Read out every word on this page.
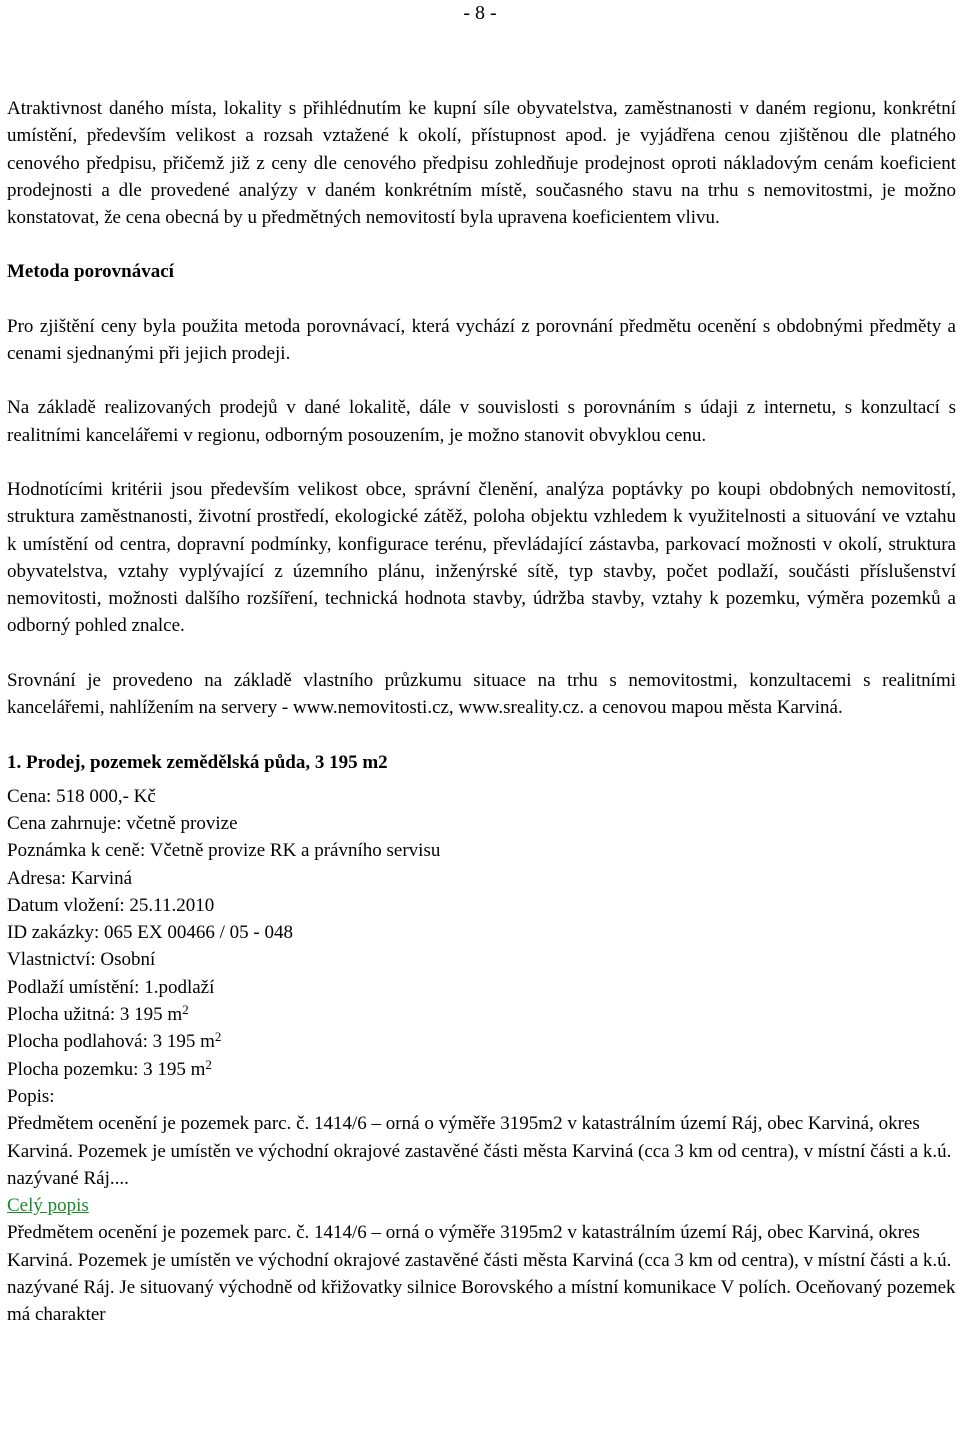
- 8 -

Atraktivnost daného místa, lokality s přihlédnutím ke kupní síle obyvatelstva, zaměstnanosti v daném regionu, konkrétní umístění, především velikost a rozsah vztažené k okolí, přístupnost apod. je vyjádřena cenou zjištěnou dle platného cenového předpisu, přičemž již z ceny dle cenového předpisu zohledňuje prodejnost oproti nákladovým cenám koeficient prodejnosti a dle provedené analýzy v daném konkrétním místě, současného stavu na trhu s nemovitostmi, je možno konstatovat, že cena obecná by u předmětných nemovitostí byla upravena koeficientem vlivu.

Metoda porovnávací

Pro zjištění ceny byla použita metoda porovnávací, která vychází z porovnání předmětu ocenění s obdobnými předměty a cenami sjednanými při jejich prodeji.

Na základě realizovaných prodejů v dané lokalitě, dále v souvislosti s porovnáním s údaji z internetu, s konzultací s realitními kancelářemi v regionu, odborným posouzením, je možno stanovit obvyklou cenu.

Hodnotícími kritérii jsou především velikost obce, správní členění, analýza poptávky po koupi obdobných nemovitostí, struktura zaměstnanosti, životní prostředí, ekologické zátěž, poloha objektu vzhledem k využitelnosti a situování ve vztahu k umístění od centra, dopravní podmínky, konfigurace terénu, převládající zástavba, parkovací možnosti v okolí, struktura obyvatelstva, vztahy vyplývající z územního plánu, inženýrské sítě, typ stavby, počet podlaží, součásti příslušenství nemovitosti, možnosti dalšího rozšíření, technická hodnota stavby, údržba stavby, vztahy k pozemku, výměra pozemků a odborný pohled znalce.

Srovnání je provedeno na základě vlastního průzkumu situace na trhu s nemovitostmi, konzultacemi s realitními kancelářemi, nahlížením na servery - www.nemovitosti.cz, www.sreality.cz. a cenovou mapou města Karviná.

1. Prodej, pozemek zemědělská půda, 3 195 m2
Cena: 518 000,- Kč
Cena zahrnuje: včetně provize
Poznámka k ceně: Včetně provize RK a právního servisu
Adresa: Karviná
Datum vložení: 25.11.2010
ID zakázky: 065 EX 00466 / 05 - 048
Vlastnictví: Osobní
Podlaží umístění: 1.podlaží
Plocha užitná: 3 195 $m^2$
Plocha podlahová: 3 195 $m^2$
Plocha pozemku: 3 195 $m^2$
Popis:

Předmětem ocenění je pozemek parc. č. 1414/6 – orná o výměře 3195m2 v katastrálním území Ráj, obec Karviná, okres Karviná. Pozemek je umístěn ve východní okrajové zastavěné části města Karviná (cca 3 km od centra), v místní části a k.ú. nazývané Ráj....

Celý popis

Předmětem ocenění je pozemek parc. č. 1414/6 – orná o výměře 3195m2 v katastrálním území Ráj, obec Karviná, okres Karviná. Pozemek je umístěn ve východní okrajové zastavěné části města Karviná (cca 3 km od centra), v místní části a k.ú. nazývané Ráj. Je situovaný východně od křižovatky silnice Borovského a místní komunikace V polích. Oceňovaný pozemek má charakter
